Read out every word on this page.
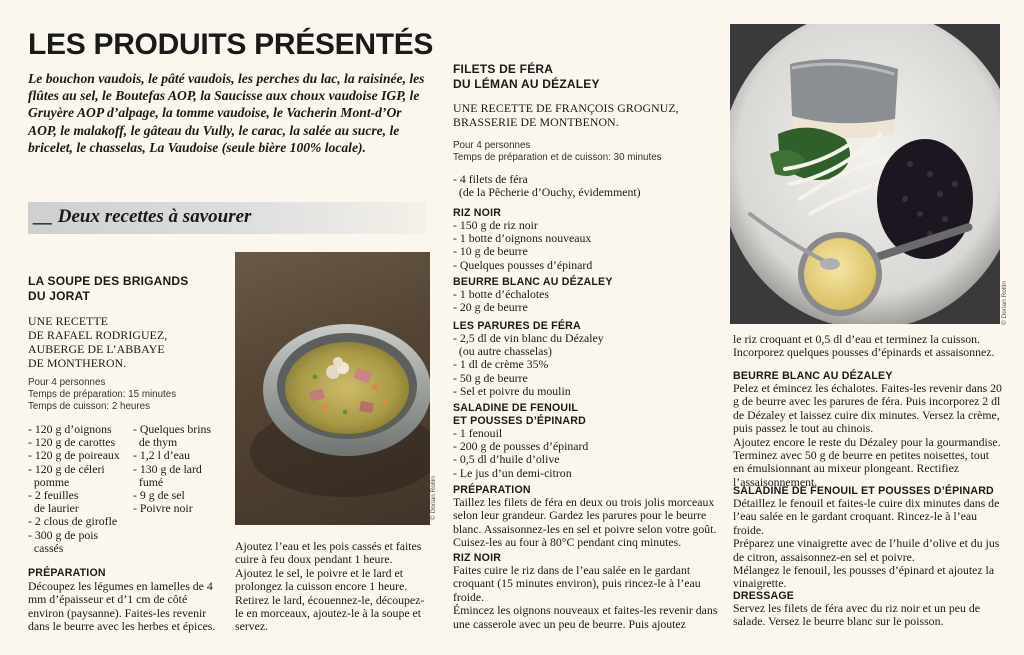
LES PRODUITS PRÉSENTÉS
Le bouchon vaudois, le pâté vaudois, les perches du lac, la raisinée, les flûtes au sel, le Boutefas AOP, la Saucisse aux choux vaudoise IGP, le Gruyère AOP d’alpage, la tomme vaudoise, le Vacherin Mont-d’Or AOP, le malakoff, le gâteau du Vully, le carac, la salée au sucre, le bricelet, le chasselas, La Vaudoise (seule bière 100% locale).
__ Deux recettes à savourer
LA SOUPE DES BRIGANDS
DU JORAT
UNE RECETTE
DE RAFAEL RODRIGUEZ,
AUBERGE DE L’ABBAYE
DE MONTHERON.
Pour 4 personnes
Temps de préparation: 15 minutes
Temps de cuisson: 2 heures
- 120 g d’oignons
- 120 g de carottes
- 120 g de poireaux
- 120 g de céleri
pomme
- 2 feuilles
de laurier
- 2 clous de girofle
- 300 g de pois
cassés
- Quelques brins
de thym
- 1,2 l d’eau
- 130 g de lard
fumé
- 9 g de sel
- Poivre noir
PRÉPARATION
Découpez les légumes en lamelles de 4 mm d’épaisseur et d’1 cm de côté environ (paysanne). Faites-les revenir dans le beurre avec les herbes et épices.
© Dorian Rollin
Ajoutez l’eau et les pois cassés et faites cuire à feu doux pendant 1 heure. Ajoutez le sel, le poivre et le lard et prolongez la cuisson encore 1 heure. Retirez le lard, écouennez-le, découpez-le en morceaux, ajoutez-le à la soupe et servez.
FILETS DE FÉRA
DU LÉMAN AU DÉZALEY
UNE RECETTE DE FRANÇOIS GROGNUZ,
BRASSERIE DE MONTBENON.
Pour 4 personnes
Temps de préparation et de cuisson: 30 minutes
- 4 filets de féra
(de la Pêcherie d’Ouchy, évidemment)
RIZ NOIR
- 150 g de riz noir
- 1 botte d’oignons nouveaux
- 10 g de beurre
- Quelques pousses d’épinard
BEURRE BLANC AU DÉZALEY
- 1 botte d’échalotes
- 20 g de beurre
LES PARURES DE FÉRA
- 2,5 dl de vin blanc du Dézaley
(ou autre chasselas)
- 1 dl de crème 35%
- 50 g de beurre
- Sel et poivre du moulin
SALADINE DE FENOUIL
ET POUSSES D’ÉPINARD
- 1 fenouil
- 200 g de pousses d’épinard
- 0,5 dl d’huile d’olive
- Le jus d’un demi-citron
PRÉPARATION
Taillez les filets de féra en deux ou trois jolis morceaux selon leur grandeur. Gardez les parures pour le beurre blanc. Assaisonnez-les en sel et poivre selon votre goût. Cuisez-les au four à 80°C pendant cinq minutes.
RIZ NOIR
Faites cuire le riz dans de l’eau salée en le gardant croquant (15 minutes environ), puis rincez-le à l’eau froide.
Émincez les oignons nouveaux et faites-les revenir dans une casserole avec un peu de beurre. Puis ajoutez
© Dorian Rollin
le riz croquant et 0,5 dl d’eau et terminez la cuisson. Incorporez quelques pousses d’épinards et assaisonnez.
BEURRE BLANC AU DÉZALEY
Pelez et émincez les échalotes. Faites-les revenir dans 20 g de beurre avec les parures de féra. Puis incorporez 2 dl de Dézaley et laissez cuire dix minutes. Versez la crème, puis passez le tout au chinois.
Ajoutez encore le reste du Dézaley pour la gourmandise. Terminez avec 50 g de beurre en petites noisettes, tout en émulsionnant au mixeur plongeant. Rectifiez l’assaisonnement.
SALADINE DE FENOUIL ET POUSSES D’ÉPINARD
Détaillez le fenouil et faites-le cuire dix minutes dans de l’eau salée en le gardant croquant. Rincez-le à l’eau froide.
Préparez une vinaigrette avec de l’huile d’olive et du jus de citron, assaisonnez-en sel et poivre.
Mélangez le fenouil, les pousses d’épinard et ajoutez la vinaigrette.
DRESSAGE
Servez les filets de féra avec du riz noir et un peu de salade. Versez le beurre blanc sur le poisson.
